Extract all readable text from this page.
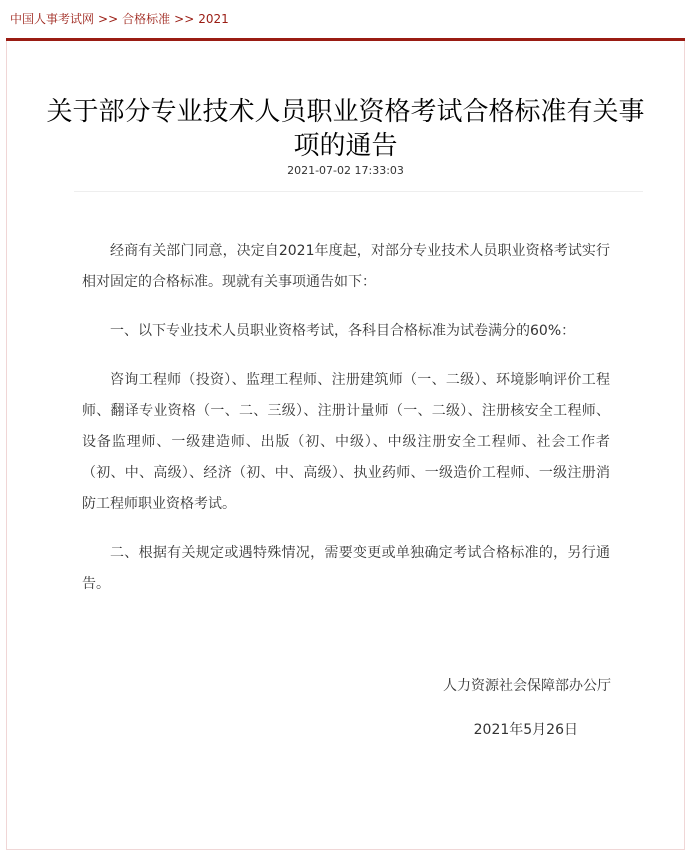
中国人事考试网 >> 合格标准 >> 2021
关于部分专业技术人员职业资格考试合格标准有关事项的通告
2021-07-02 17:33:03

经商有关部门同意，决定自2021年度起，对部分专业技术人员职业资格考试实行相对固定的合格标准。现就有关事项通告如下：

一、以下专业技术人员职业资格考试，各科目合格标准为试卷满分的60%：

咨询工程师（投资）、监理工程师、注册建筑师（一、二级）、环境影响评价工程师、翻译专业资格（一、二、三级）、注册计量师（一、二级）、注册核安全工程师、设备监理师、一级建造师、出版（初、中级）、中级注册安全工程师、社会工作者（初、中、高级）、经济（初、中、高级）、执业药师、一级造价工程师、一级注册消防工程师职业资格考试。

二、根据有关规定或遇特殊情况，需要变更或单独确定考试合格标准的，另行通告。

人力资源社会保障部办公厅
2021年5月26日
